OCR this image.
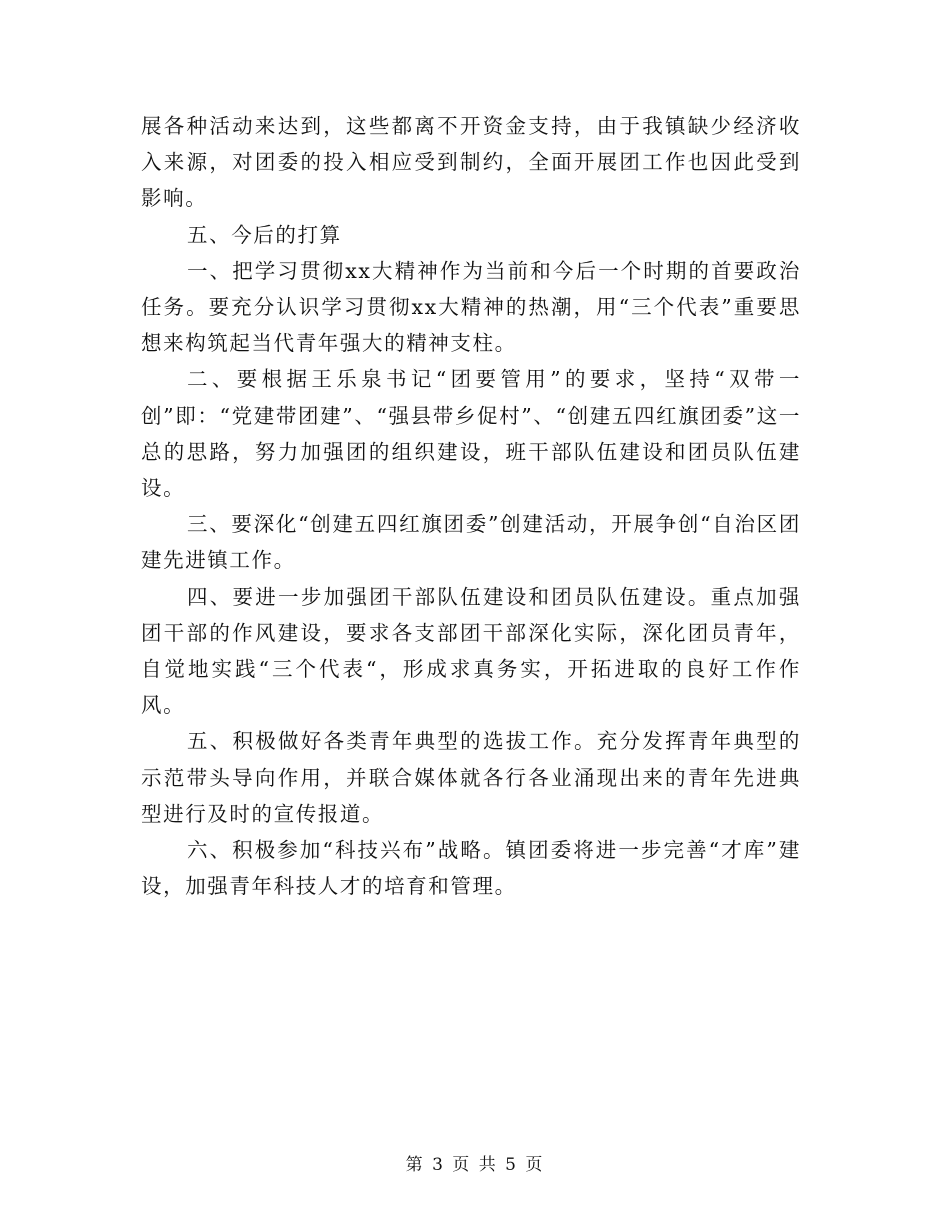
展各种活动来达到，这些都离不开资金支持，由于我镇缺少经济收入来源，对团委的投入相应受到制约，全面开展团工作也因此受到影响。

五、今后的打算

一、把学习贯彻xx大精神作为当前和今后一个时期的首要政治任务。要充分认识学习贯彻xx大精神的热潮，用“三个代表”重要思想来构筑起当代青年强大的精神支柱。

二、要根据王乐泉书记“团要管用”的要求，坚持“双带一创”即：“党建带团建”、“强县带乡促村”、“创建五四红旗团委”这一总的思路，努力加强团的组织建设，班干部队伍建设和团员队伍建设。

三、要深化“创建五四红旗团委”创建活动，开展争创“自治区团建先进镇工作。

四、要进一步加强团干部队伍建设和团员队伍建设。重点加强团干部的作风建设，要求各支部团干部深化实际，深化团员青年，自觉地实践“三个代表“，形成求真务实，开拓进取的良好工作作风。

五、积极做好各类青年典型的选拔工作。充分发挥青年典型的示范带头导向作用，并联合媒体就各行各业涌现出来的青年先进典型进行及时的宣传报道。

六、积极参加“科技兴布”战略。镇团委将进一步完善“才库”建设，加强青年科技人才的培育和管理。

第 3 页 共 5 页
